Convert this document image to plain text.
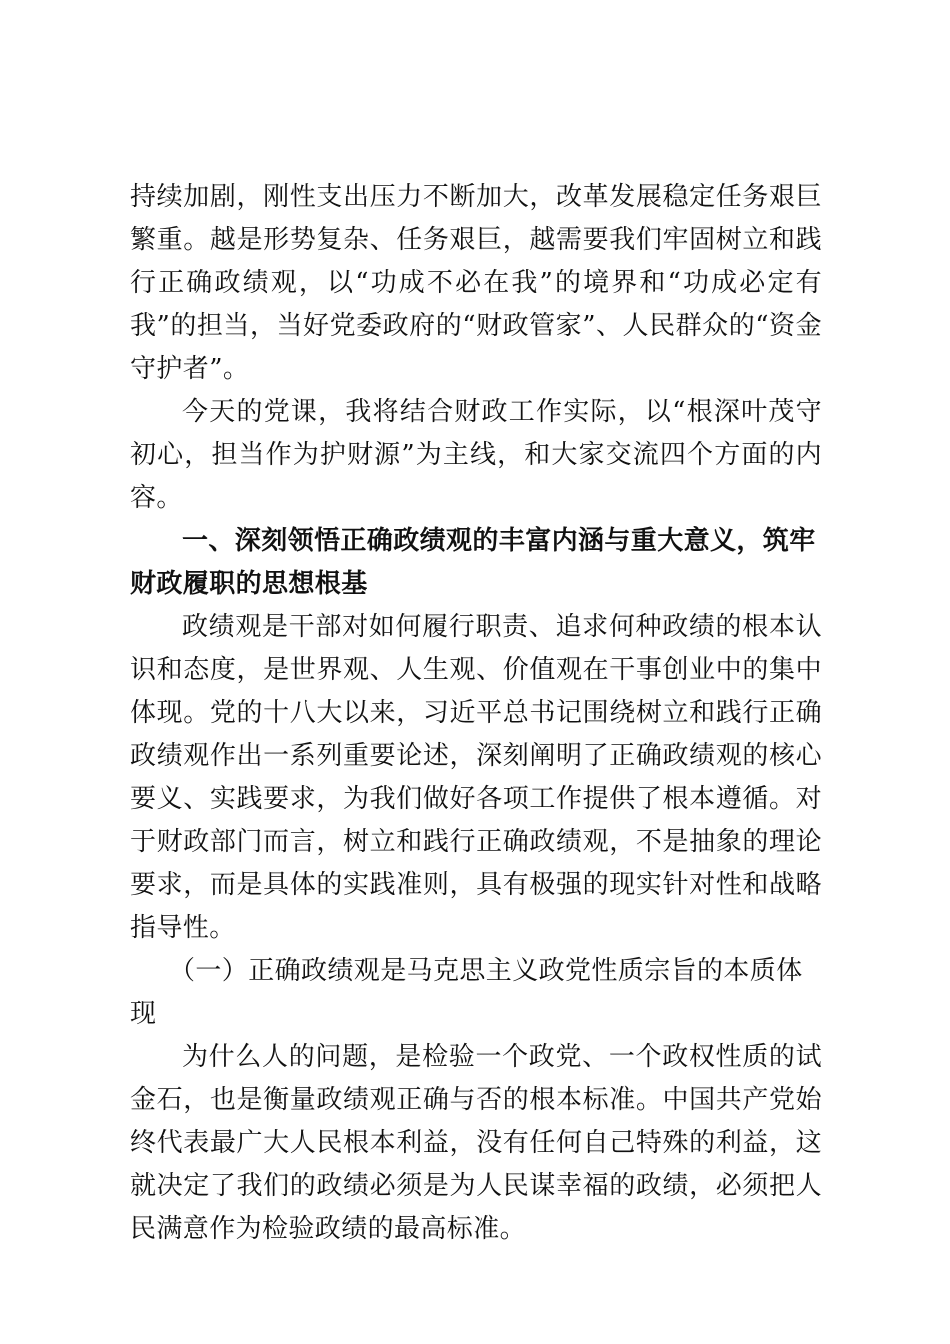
持续加剧，刚性支出压力不断加大，改革发展稳定任务艰巨繁重。越是形势复杂、任务艰巨，越需要我们牢固树立和践行正确政绩观，以“功成不必在我”的境界和“功成必定有我”的担当，当好党委政府的“财政管家”、人民群众的“资金守护者”。

今天的党课，我将结合财政工作实际，以“根深叶茂守初心，担当作为护财源”为主线，和大家交流四个方面的内容。

一、深刻领悟正确政绩观的丰富内涵与重大意义，筑牢财政履职的思想根基

政绩观是干部对如何履行职责、追求何种政绩的根本认识和态度，是世界观、人生观、价值观在干事创业中的集中体现。党的十八大以来，习近平总书记围绕树立和践行正确政绩观作出一系列重要论述，深刻阐明了正确政绩观的核心要义、实践要求，为我们做好各项工作提供了根本遵循。对于财政部门而言，树立和践行正确政绩观，不是抽象的理论要求，而是具体的实践准则，具有极强的现实针对性和战略指导性。

（一）正确政绩观是马克思主义政党性质宗旨的本质体现

为什么人的问题，是检验一个政党、一个政权性质的试金石，也是衡量政绩观正确与否的根本标准。中国共产党始终代表最广大人民根本利益，没有任何自己特殊的利益，这就决定了我们的政绩必须是为人民谋幸福的政绩，必须把人民满意作为检验政绩的最高标准。
